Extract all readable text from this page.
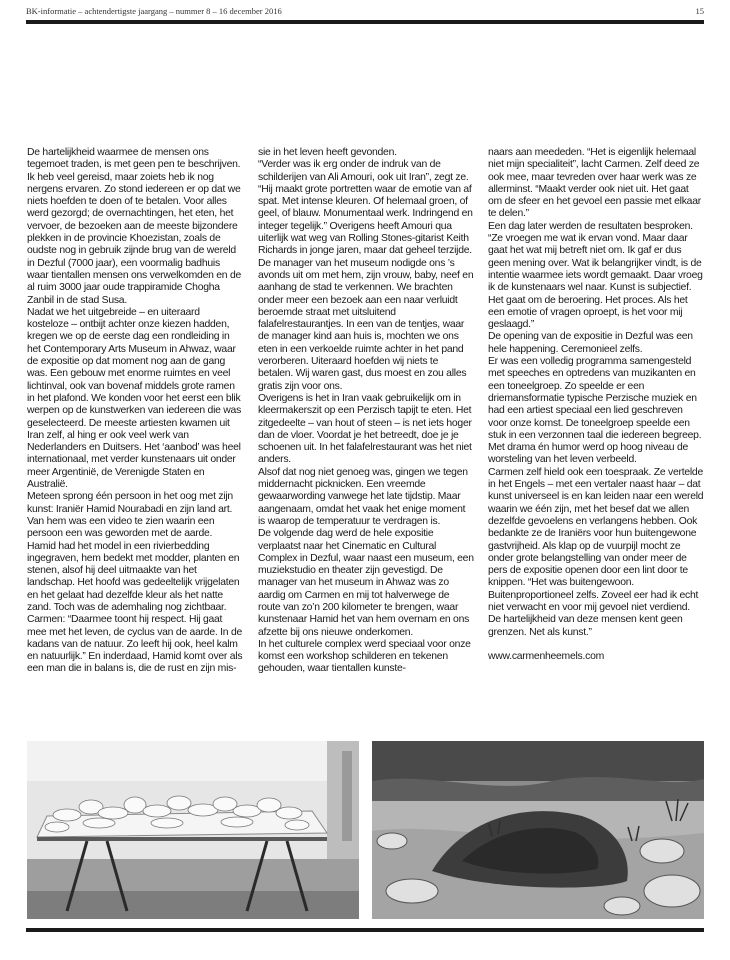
BK-informatie – achtendertigste jaargang – nummer 8 – 16 december 2016	15

De hartelijkheid waarmee de mensen ons tegemoet traden, is met geen pen te beschrijven. Ik heb veel gereisd, maar zoiets heb ik nog nergens ervaren. Zo stond iedereen er op dat we niets hoefden te doen of te betalen. Voor alles werd gezorgd; de overnachtingen, het eten, het vervoer, de bezoeken aan de meeste bijzondere plekken in de provincie Khoezistan, zoals de oudste nog in gebruik zijnde brug van de wereld in Dezful (7000 jaar), een voormalig badhuis waar tientallen mensen ons verwelkomden en de al ruim 3000 jaar oude trappiramide Chogha Zanbil in de stad Susa.

Nadat we het uitgebreide – en uiteraard kosteloze – ontbijt achter onze kiezen hadden, kregen we op de eerste dag een rondleiding in het Contemporary Arts Museum in Ahwaz, waar de expositie op dat moment nog aan de gang was. Een gebouw met enorme ruimtes en veel lichtinval, ook van bovenaf middels grote ramen in het plafond. We konden voor het eerst een blik werpen op de kunstwerken van iedereen die was geselecteerd. De meeste artiesten kwamen uit Iran zelf, al hing er ook veel werk van Nederlanders en Duitsers. Het ‘aanbod’ was heel internationaal, met verder kunstenaars uit onder meer Argentinië, de Verenigde Staten en Australië.

Meteen sprong één persoon in het oog met zijn kunst: Iraniër Hamid Nourabadi en zijn land art. Van hem was een video te zien waarin een persoon een was geworden met de aarde. Hamid had het model in een rivierbedding ingegraven, hem bedekt met modder, planten en stenen, alsof hij deel uitmaakte van het landschap. Het hoofd was gedeeltelijk vrijgelaten en het gelaat had dezelfde kleur als het natte zand. Toch was de ademhaling nog zichtbaar. Carmen: “Daarmee toont hij respect. Hij gaat mee met het leven, de cyclus van de aarde. In de kadans van de natuur. Zo leeft hij ook, heel kalm en natuurlijk.” En inderdaad, Hamid komt over als een man die in balans is, die de rust en zijn mis-

sie in het leven heeft gevonden.

“Verder was ik erg onder de indruk van de schilderijen van Ali Amouri, ook uit Iran”, zegt ze. “Hij maakt grote portretten waar de emotie van af spat. Met intense kleuren. Of helemaal groen, of geel, of blauw. Monumentaal werk. Indringend en integer tegelijk.” Overigens heeft Amouri qua uiterlijk wat weg van Rolling Stones-gitarist Keith Richards in jonge jaren, maar dat geheel terzijde.

De manager van het museum nodigde ons ’s avonds uit om met hem, zijn vrouw, baby, neef en aanhang de stad te verkennen. We brachten onder meer een bezoek aan een naar verluidt beroemde straat met uitsluitend falafelrestaurantjes. In een van de tentjes, waar de manager kind aan huis is, mochten we ons eten in een verkoelde ruimte achter in het pand verorberen. Uiteraard hoefden wij niets te betalen. Wij waren gast, dus moest en zou alles gratis zijn voor ons.

Overigens is het in Iran vaak gebruikelijk om in kleermakerszit op een Perzisch tapijt te eten. Het zitgedeelte – van hout of steen – is net iets hoger dan de vloer. Voordat je het betreedt, doe je je schoenen uit. In het falafelrestaurant was het niet anders.

Alsof dat nog niet genoeg was, gingen we tegen middernacht picknicken. Een vreemde gewaarwording vanwege het late tijdstip. Maar aangenaam, omdat het vaak het enige moment is waarop de temperatuur te verdragen is.

De volgende dag werd de hele expositie verplaatst naar het Cinematic en Cultural Complex in Dezful, waar naast een museum, een muziekstudio en theater zijn gevestigd. De manager van het museum in Ahwaz was zo aardig om Carmen en mij tot halverwege de route van zo’n 200 kilometer te brengen, waar kunstenaar Hamid het van hem overnam en ons afzette bij ons nieuwe onderkomen.

In het culturele complex werd speciaal voor onze komst een workshop schilderen en tekenen gehouden, waar tientallen kunste-

naars aan meededen. “Het is eigenlijk helemaal niet mijn specialiteit”, lacht Carmen. Zelf deed ze ook mee, maar tevreden over haar werk was ze allerminst. “Maakt verder ook niet uit. Het gaat om de sfeer en het gevoel een passie met elkaar te delen.”

Een dag later werden de resultaten besproken. “Ze vroegen me wat ik ervan vond. Maar daar gaat het wat mij betreft niet om. Ik gaf er dus geen mening over. Wat ik belangrijker vindt, is de intentie waarmee iets wordt gemaakt. Daar vroeg ik de kunstenaars wel naar. Kunst is subjectief. Het gaat om de beroering. Het proces. Als het een emotie of vragen oproept, is het voor mij geslaagd.”

De opening van de expositie in Dezful was een hele happening. Ceremonieel zelfs.

Er was een volledig programma samengesteld met speeches en optredens van muzikanten en een toneelgroep. Zo speelde er een driemansformatie typische Perzische muziek en had een artiest speciaal een lied geschreven voor onze komst. De toneelgroep speelde een stuk in een verzonnen taal die iedereen begreep. Met drama én humor werd op hoog niveau de worsteling van het leven verbeeld.

Carmen zelf hield ook een toespraak. Ze vertelde in het Engels – met een vertaler naast haar – dat kunst universeel is en kan leiden naar een wereld waarin we één zijn, met het besef dat we allen dezelfde gevoelens en verlangens hebben. Ook bedankte ze de Iraniërs voor hun buitengewone gastvrijheid. Als klap op de vuurpijl mocht ze onder grote belangstelling van onder meer de pers de expositie openen door een lint door te knippen. “Het was buitengewoon. Buitenproportioneel zelfs. Zoveel eer had ik echt niet verwacht en voor mij gevoel niet verdiend. De hartelijkheid van deze mensen kent geen grenzen. Net als kunst.”

www.carmenheemels.com
